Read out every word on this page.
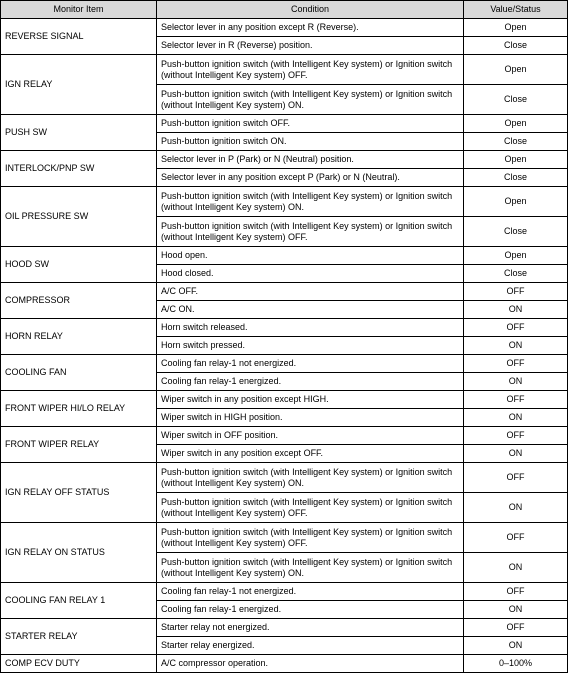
Monitor Item	Condition	Value/Status
REVERSE SIGNAL	Selector lever in any position except R (Reverse).	Open
	Selector lever in R (Reverse) position.	Close
IGN RELAY	Push-button ignition switch (with Intelligent Key system) or Ignition switch (without Intelligent Key system) OFF.	Open
	Push-button ignition switch (with Intelligent Key system) or Ignition switch (without Intelligent Key system) ON.	Close
PUSH SW	Push-button ignition switch OFF.	Open
	Push-button ignition switch ON.	Close
INTERLOCK/PNP SW	Selector lever in P (Park) or N (Neutral) position.	Open
	Selector lever in any position except P (Park) or N (Neutral).	Close
OIL PRESSURE SW	Push-button ignition switch (with Intelligent Key system) or Ignition switch (without Intelligent Key system) ON.	Open
	Push-button ignition switch (with Intelligent Key system) or Ignition switch (without Intelligent Key system) OFF.	Close
HOOD SW	Hood open.	Open
	Hood closed.	Close
COMPRESSOR	A/C OFF.	OFF
	A/C ON.	ON
HORN RELAY	Horn switch released.	OFF
	Horn switch pressed.	ON
COOLING FAN	Cooling fan relay-1 not energized.	OFF
	Cooling fan relay-1 energized.	ON
FRONT WIPER HI/LO RELAY	Wiper switch in any position except HIGH.	OFF
	Wiper switch in HIGH position.	ON
FRONT WIPER RELAY	Wiper switch in OFF position.	OFF
	Wiper switch in any position except OFF.	ON
IGN RELAY OFF STATUS	Push-button ignition switch (with Intelligent Key system) or Ignition switch (without Intelligent Key system) ON.	OFF
	Push-button ignition switch (with Intelligent Key system) or Ignition switch (without Intelligent Key system) OFF.	ON
IGN RELAY ON STATUS	Push-button ignition switch (with Intelligent Key system) or Ignition switch (without Intelligent Key system) OFF.	OFF
	Push-button ignition switch (with Intelligent Key system) or Ignition switch (without Intelligent Key system) ON.	ON
COOLING FAN RELAY 1	Cooling fan relay-1 not energized.	OFF
	Cooling fan relay-1 energized.	ON
STARTER RELAY	Starter relay not energized.	OFF
	Starter relay energized.	ON
COMP ECV DUTY	A/C compressor operation.	0–100%
